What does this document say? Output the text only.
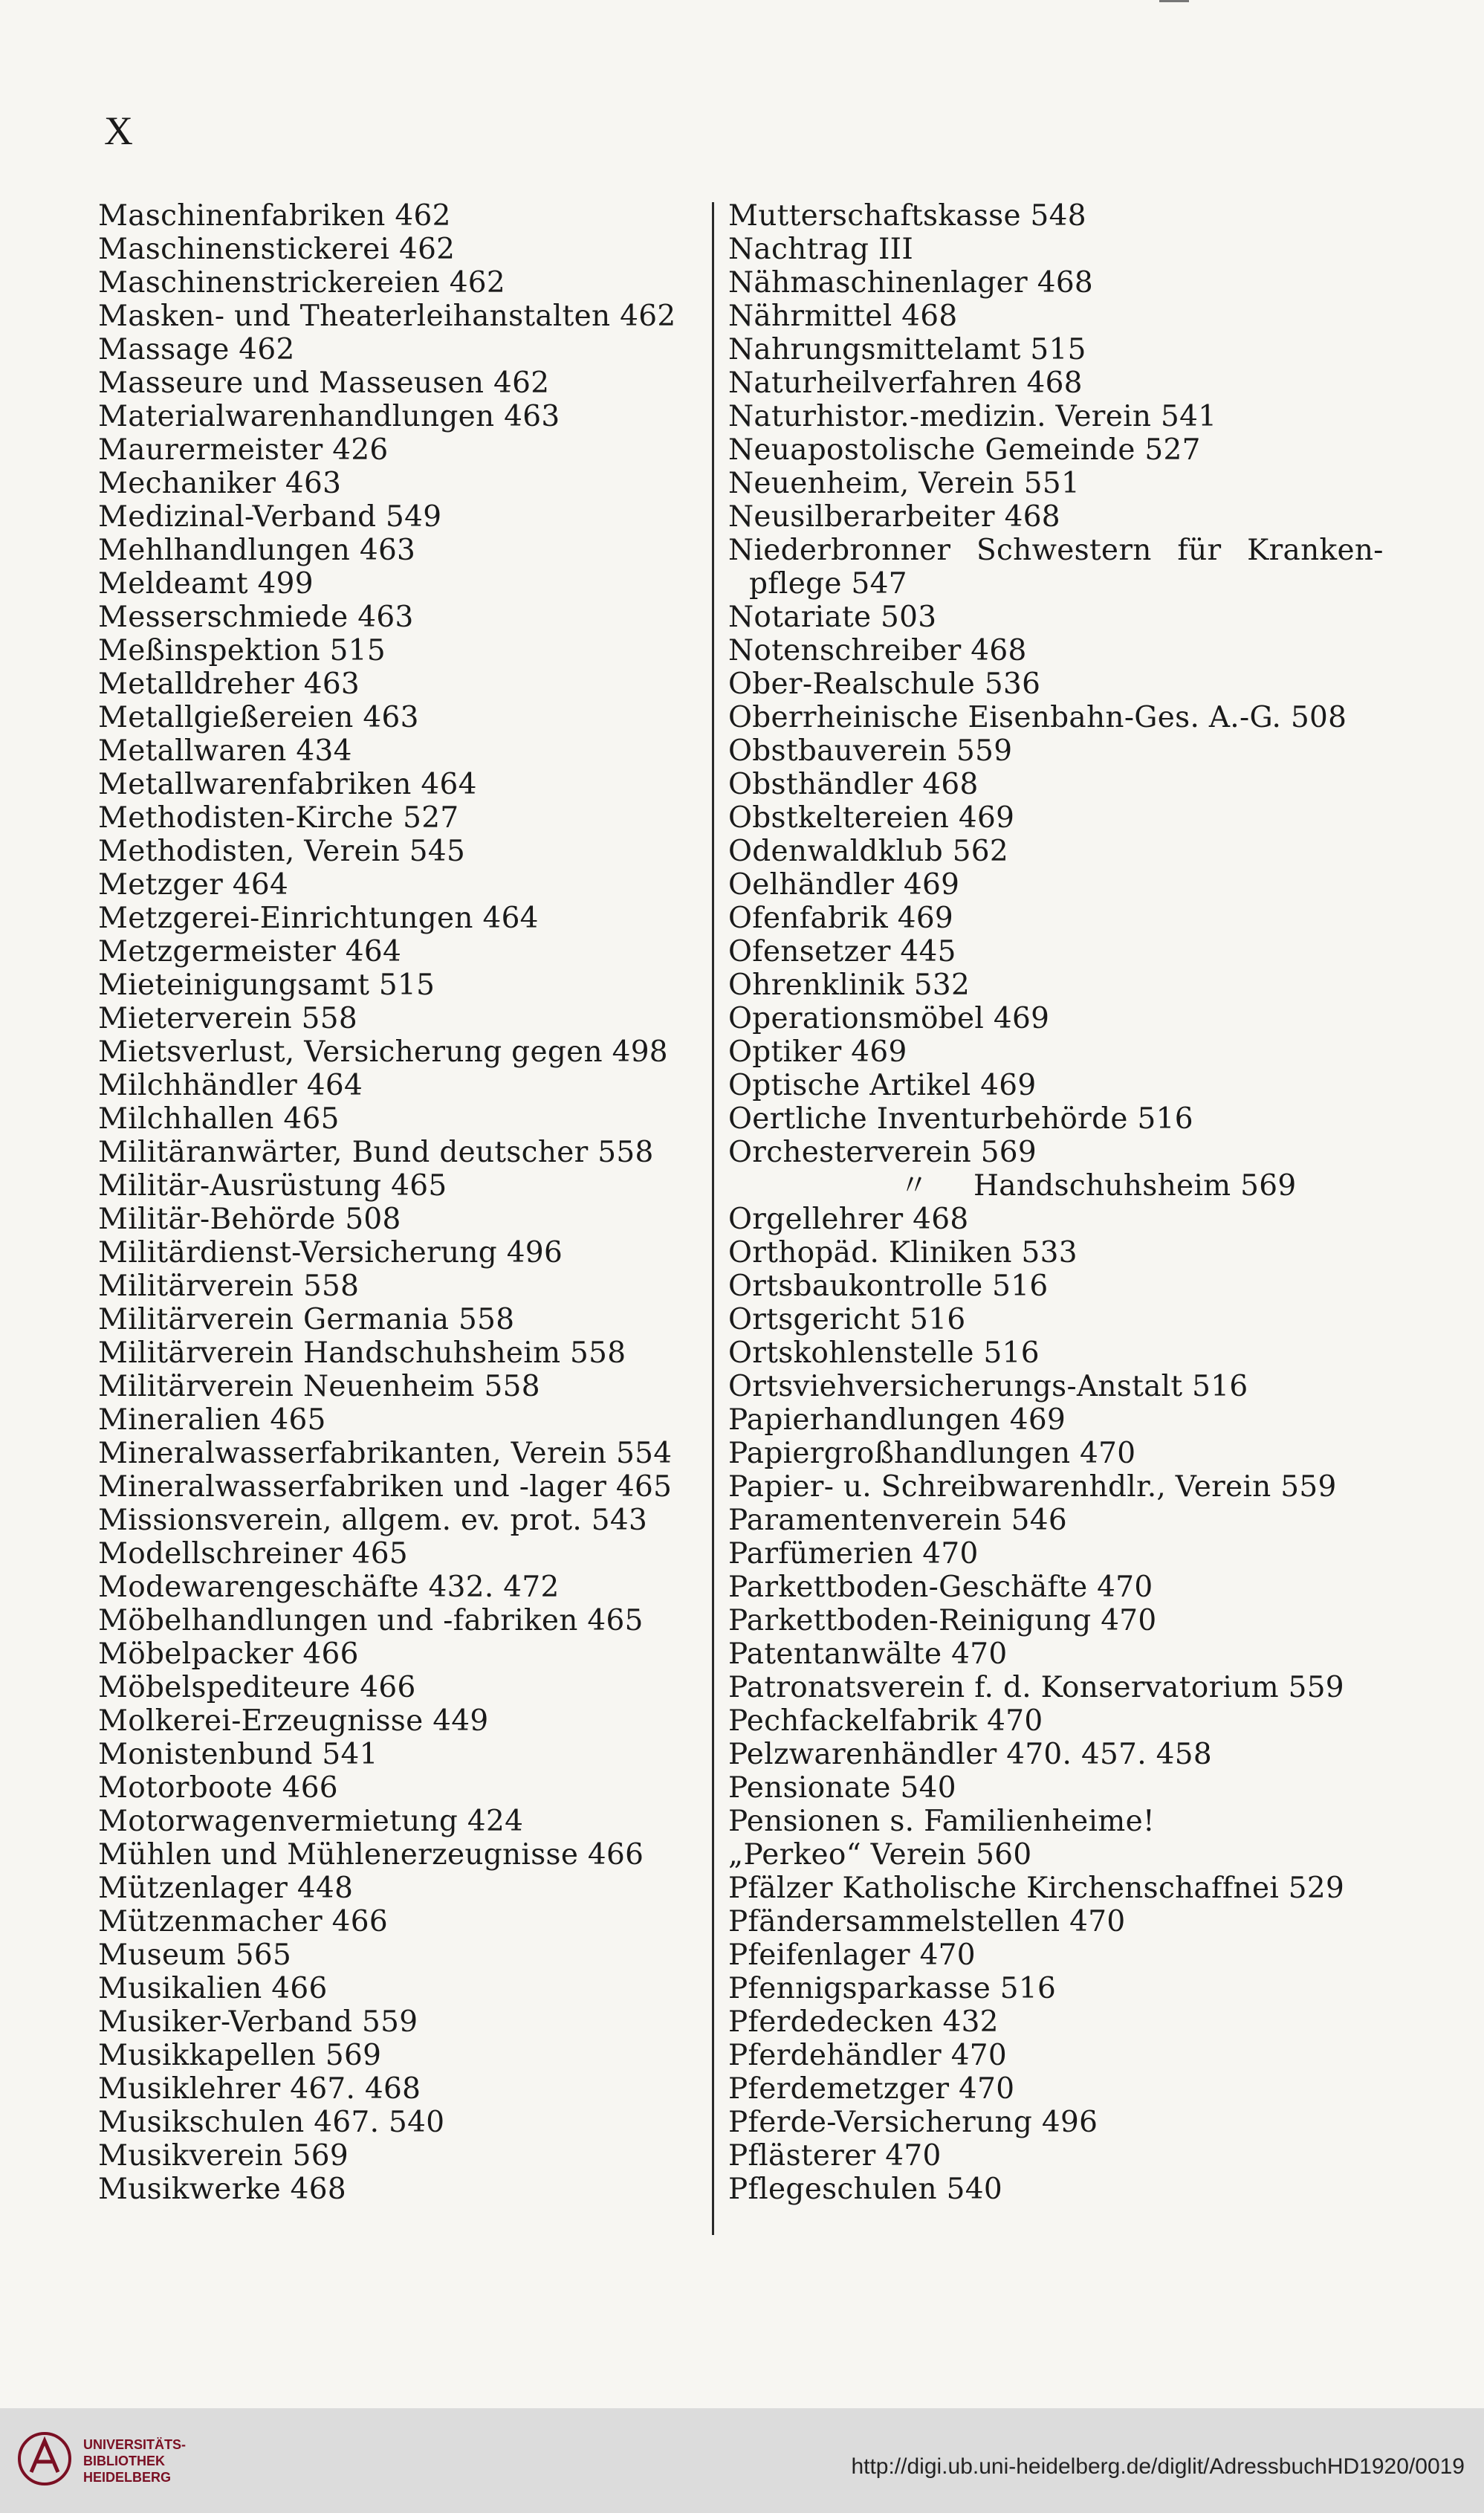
X
Maschinenfabriken 462
Maschinenstickerei 462
Maschinenstrickereien 462
Masken- und Theaterleihanstalten 462
Massage 462
Masseure und Masseusen 462
Materialwarenhandlungen 463
Maurermeister 426
Mechaniker 463
Medizinal-Verband 549
Mehlhandlungen 463
Meldeamt 499
Messerschmiede 463
Meßinspektion 515
Metalldreher 463
Metallgießereien 463
Metallwaren 434
Metallwarenfabriken 464
Methodisten-Kirche 527
Methodisten, Verein 545
Metzger 464
Metzgerei-Einrichtungen 464
Metzgermeister 464
Mieteinigungsamt 515
Mieterverein 558
Mietsverlust, Versicherung gegen 498
Milchhändler 464
Milchhallen 465
Militäranwärter, Bund deutscher 558
Militär-Ausrüstung 465
Militär-Behörde 508
Militärdienst-Versicherung 496
Militärverein 558
Militärverein Germania 558
Militärverein Handschuhsheim 558
Militärverein Neuenheim 558
Mineralien 465
Mineralwasserfabrikanten, Verein 554
Mineralwasserfabriken und -lager 465
Missionsverein, allgem. ev. prot. 543
Modellschreiner 465
Modewarengeschäfte 432. 472
Möbelhandlungen und -fabriken 465
Möbelpacker 466
Möbelspediteure 466
Molkerei-Erzeugnisse 449
Monistenbund 541
Motorboote 466
Motorwagenvermietung 424
Mühlen und Mühlenerzeugnisse 466
Mützenlager 448
Mützenmacher 466
Museum 565
Musikalien 466
Musiker-Verband 559
Musikkapellen 569
Musiklehrer 467. 468
Musikschulen 467. 540
Musikverein 569
Musikwerke 468
Mutterschaftskasse 548
Nachtrag III
Nähmaschinenlager 468
Nährmittel 468
Nahrungsmittelamt 515
Naturheilverfahren 468
Naturhistor.-medizin. Verein 541
Neuapostolische Gemeinde 527
Neuenheim, Verein 551
Neusilberarbeiter 468
Niederbronner Schwestern für Kranken-
pflege 547
Notariate 503
Notenschreiber 468
Ober-Realschule 536
Oberrheinische Eisenbahn-Ges. A.-G. 508
Obstbauverein 559
Obsthändler 468
Obstkeltereien 469
Odenwaldklub 562
Oelhändler 469
Ofenfabrik 469
Ofensetzer 445
Ohrenklinik 532
Operationsmöbel 469
Optiker 469
Optische Artikel 469
Oertliche Inventurbehörde 516
Orchesterverein 569
〃 Handschuhsheim 569
Orgellehrer 468
Orthopäd. Kliniken 533
Ortsbaukontrolle 516
Ortsgericht 516
Ortskohlenstelle 516
Ortsviehversicherungs-Anstalt 516
Papierhandlungen 469
Papiergroßhandlungen 470
Papier- u. Schreibwarenhdlr., Verein 559
Paramentenverein 546
Parfümerien 470
Parkettboden-Geschäfte 470
Parkettboden-Reinigung 470
Patentanwälte 470
Patronatsverein f. d. Konservatorium 559
Pechfackelfabrik 470
Pelzwarenhändler 470. 457. 458
Pensionate 540
Pensionen s. Familienheime!
„Perkeo“ Verein 560
Pfälzer Katholische Kirchenschaffnei 529
Pfändersammelstellen 470
Pfeifenlager 470
Pfennigsparkasse 516
Pferdedecken 432
Pferdehändler 470
Pferdemetzger 470
Pferde-Versicherung 496
Pflästerer 470
Pflegeschulen 540
UNIVERSITÄTS-
BIBLIOTHEK
HEIDELBERG	http://digi.ub.uni-heidelberg.de/diglit/AdressbuchHD1920/0019
